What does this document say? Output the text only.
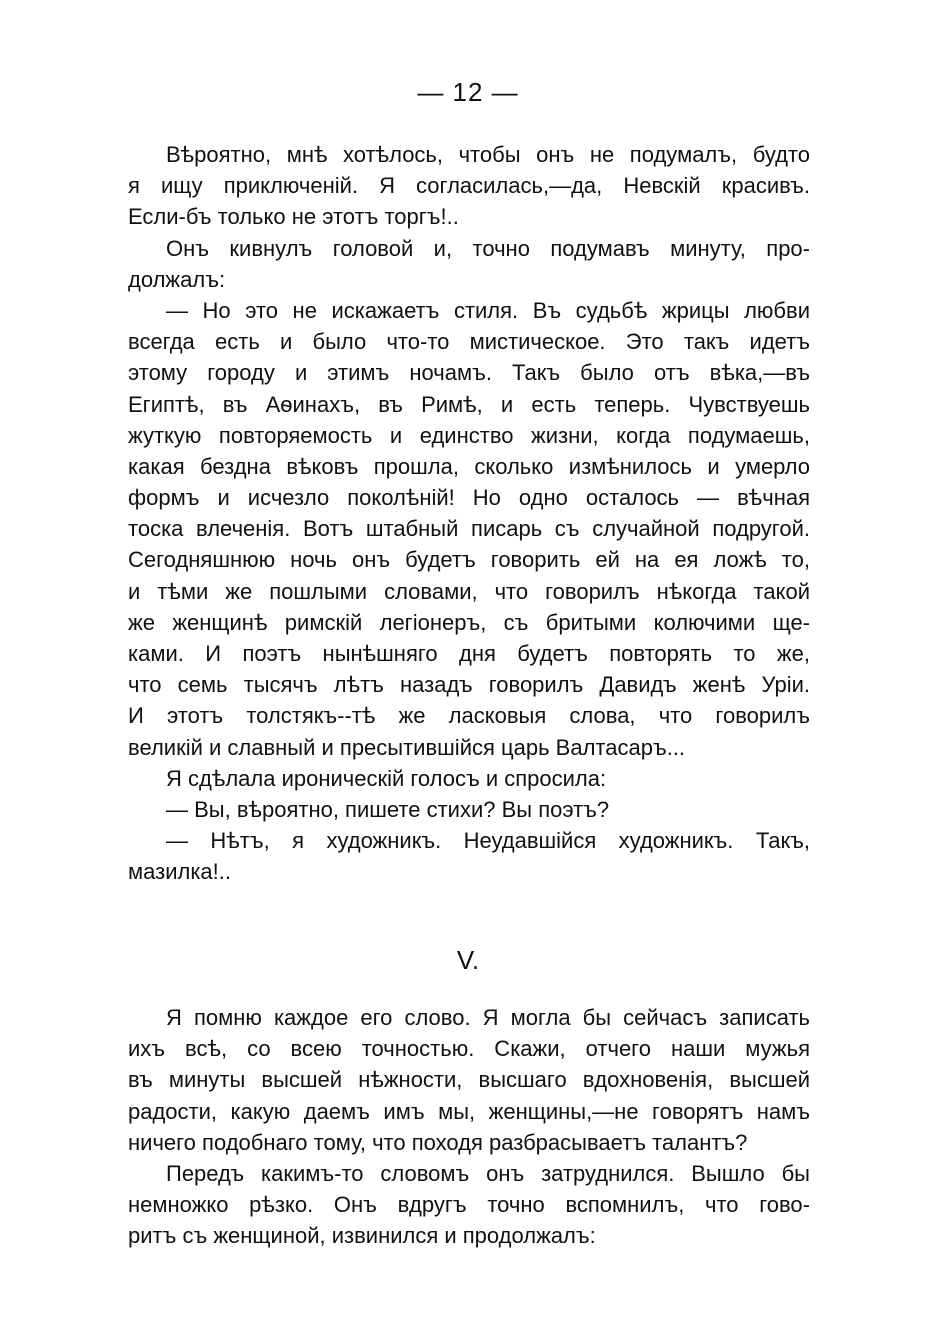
— 12 —
Вѣроятно, мнѣ хотѣлось, чтобы онъ не подумалъ, будто
я ищу приключеній. Я согласилась,—да, Невскій красивъ.
Если-бъ только не этотъ торгъ!..
Онъ кивнулъ головой и, точно подумавъ минуту, про-
должалъ:
— Но это не искажаетъ стиля. Въ судьбѣ жрицы любви
всегда есть и было что-то мистическое. Это такъ идетъ
этому городу и этимъ ночамъ. Такъ было отъ вѣка,—въ
Египтѣ, въ Аѳинахъ, въ Римѣ, и есть теперь. Чувствуешь
жуткую повторяемость и единство жизни, когда подумаешь,
какая бездна вѣковъ прошла, сколько измѣнилось и умерло
формъ и исчезло поколѣній! Но одно осталось — вѣчная
тоска влеченія. Вотъ штабный писарь съ случайной подругой.
Сегодняшнюю ночь онъ будетъ говорить ей на ея ложѣ то,
и тѣми же пошлыми словами, что говорилъ нѣкогда такой
же женщинѣ римскій легіонеръ, съ бритыми колючими ще-
ками. И поэтъ нынѣшняго дня будетъ повторять то же,
что семь тысячъ лѣтъ назадъ говорилъ Давидъ женѣ Уріи.
И этотъ толстякъ--тѣ же ласковыя слова, что говорилъ
великій и славный и пресытившійся царь Валтасаръ...
Я сдѣлала ироническій голосъ и спросила:
— Вы, вѣроятно, пишете стихи? Вы поэтъ?
— Нѣтъ, я художникъ. Неудавшійся художникъ. Такъ,
мазилка!..
V.
Я помню каждое его слово. Я могла бы сейчасъ записать
ихъ всѣ, со всею точностью. Скажи, отчего наши мужья
въ минуты высшей нѣжности, высшаго вдохновенія, высшей
радости, какую даемъ имъ мы, женщины,—не говорятъ намъ
ничего подобнаго тому, что походя разбрасываетъ талантъ?
Передъ какимъ-то словомъ онъ затруднился. Вышло бы
немножко рѣзко. Онъ вдругъ точно вспомнилъ, что гово-
ритъ съ женщиной, извинился и продолжалъ:
